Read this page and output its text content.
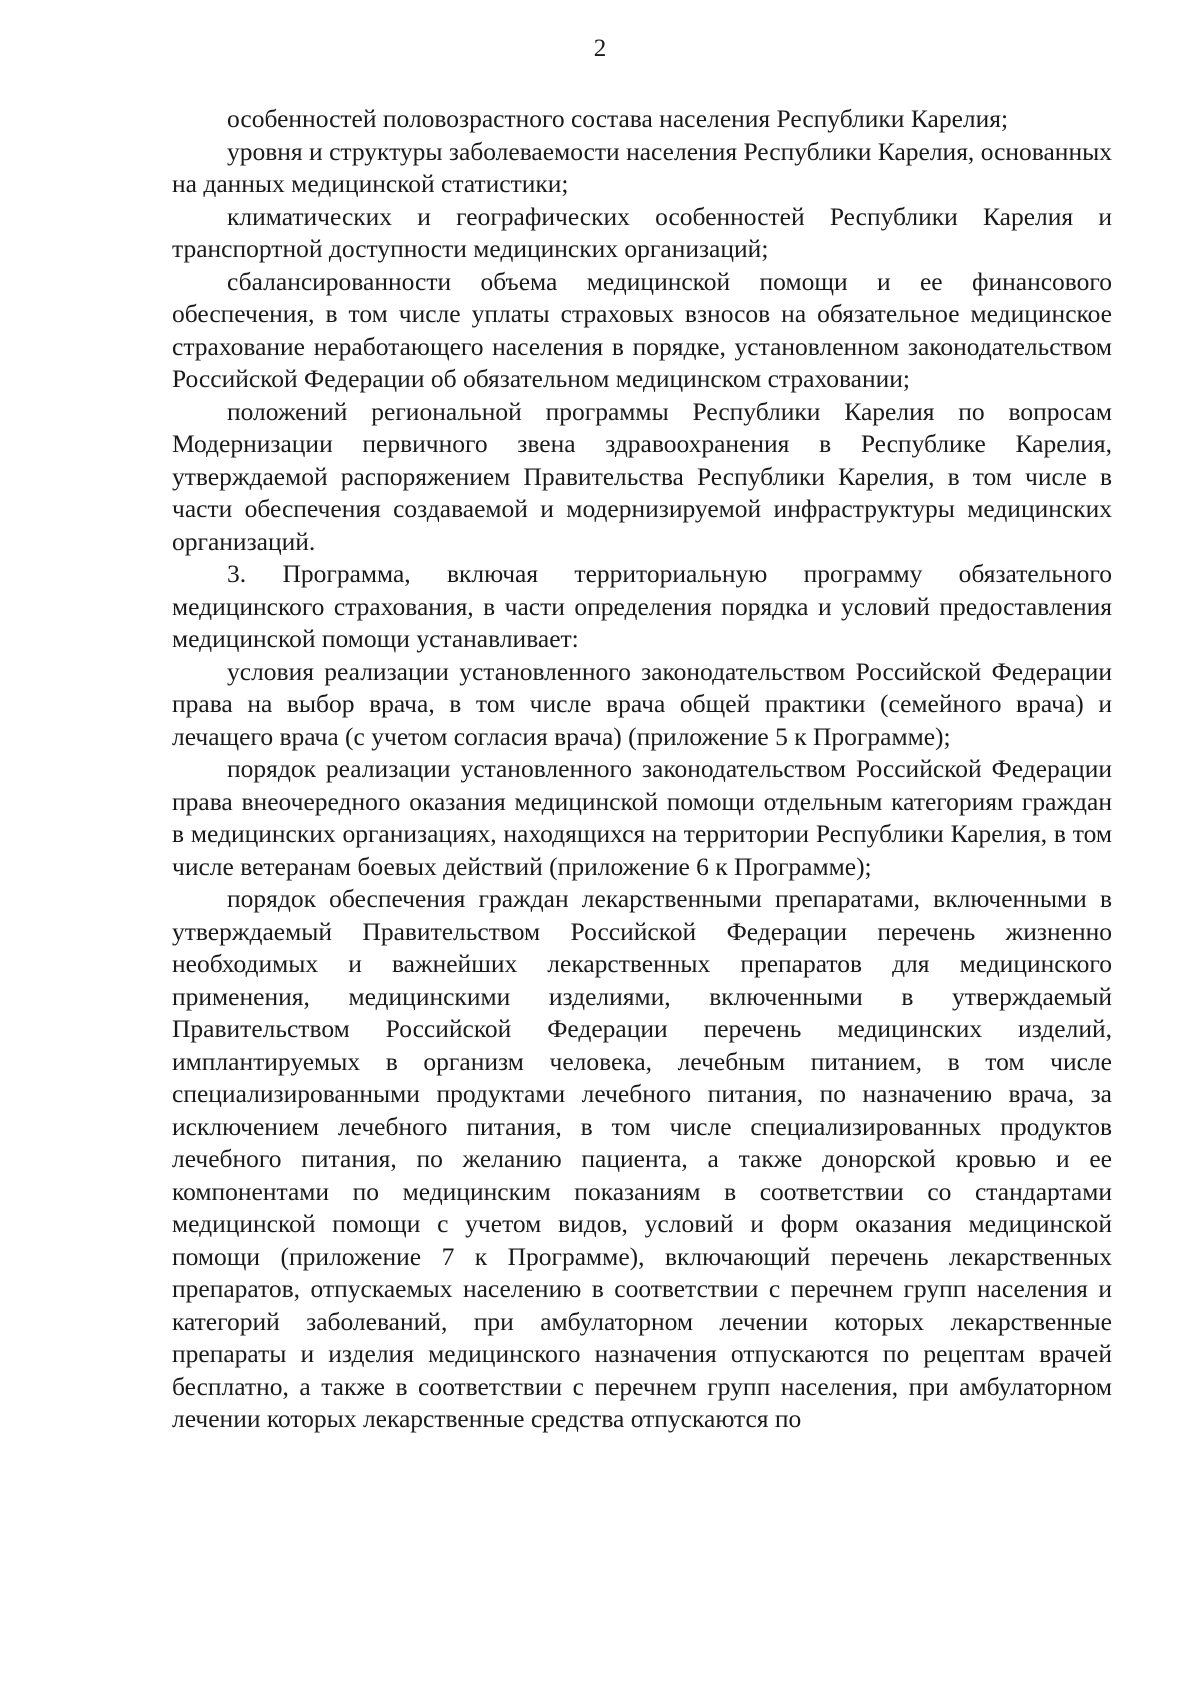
2

особенностей половозрастного состава населения Республики Карелия;

уровня и структуры заболеваемости населения Республики Карелия, основанных на данных медицинской статистики;

климатических и географических особенностей Республики Карелия и транспортной доступности медицинских организаций;

сбалансированности объема медицинской помощи и ее финансового обеспечения, в том числе уплаты страховых взносов на обязательное медицинское страхование неработающего населения в порядке, установленном законодательством Российской Федерации об обязательном медицинском страховании;

положений региональной программы Республики Карелия по вопросам Модернизации первичного звена здравоохранения в Республике Карелия, утверждаемой распоряжением Правительства Республики Карелия, в том числе в части обеспечения создаваемой и модернизируемой инфраструктуры медицинских организаций.

3. Программа, включая территориальную программу обязательного медицинского страхования, в части определения порядка и условий предоставления медицинской помощи устанавливает:

условия реализации установленного законодательством Российской Федерации права на выбор врача, в том числе врача общей практики (семейного врача) и лечащего врача (с учетом согласия врача) (приложение 5 к Программе);

порядок реализации установленного законодательством Российской Федерации права внеочередного оказания медицинской помощи отдельным категориям граждан в медицинских организациях, находящихся на территории Республики Карелия, в том числе ветеранам боевых действий (приложение 6 к Программе);

порядок обеспечения граждан лекарственными препаратами, включенными в утверждаемый Правительством Российской Федерации перечень жизненно необходимых и важнейших лекарственных препаратов для медицинского применения, медицинскими изделиями, включенными в утверждаемый Правительством Российской Федерации перечень медицинских изделий, имплантируемых в организм человека, лечебным питанием, в том числе специализированными продуктами лечебного питания, по назначению врача, за исключением лечебного питания, в том числе специализированных продуктов лечебного питания, по желанию пациента, а также донорской кровью и ее компонентами по медицинским показаниям в соответствии со стандартами медицинской помощи с учетом видов, условий и форм оказания медицинской помощи (приложение 7 к Программе), включающий перечень лекарственных препаратов, отпускаемых населению в соответствии с перечнем групп населения и категорий заболеваний, при амбулаторном лечении которых лекарственные препараты и изделия медицинского назначения отпускаются по рецептам врачей бесплатно, а также в соответствии с перечнем групп населения, при амбулаторном лечении которых лекарственные средства отпускаются по
